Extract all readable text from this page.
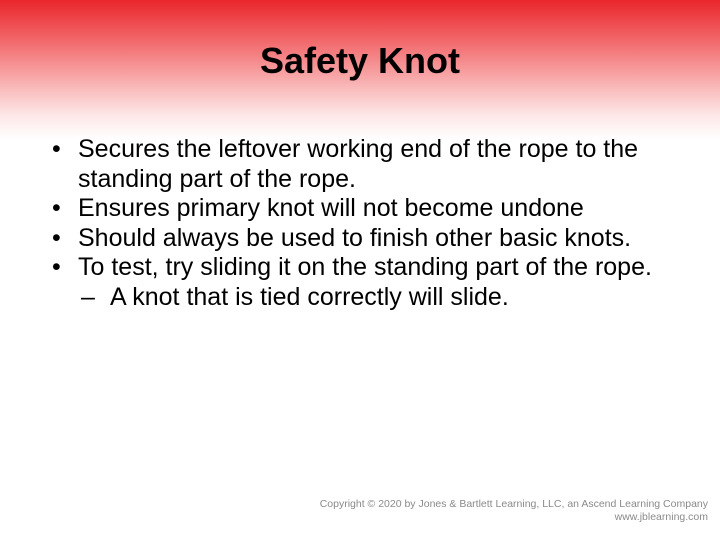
Safety Knot
• Secures the leftover working end of the rope to the standing part of the rope.
• Ensures primary knot will not become undone
• Should always be used to finish other basic knots.
• To test, try sliding it on the standing part of the rope.
– A knot that is tied correctly will slide.
Copyright © 2020 by Jones & Bartlett Learning, LLC, an Ascend Learning Company
www.jblearning.com
